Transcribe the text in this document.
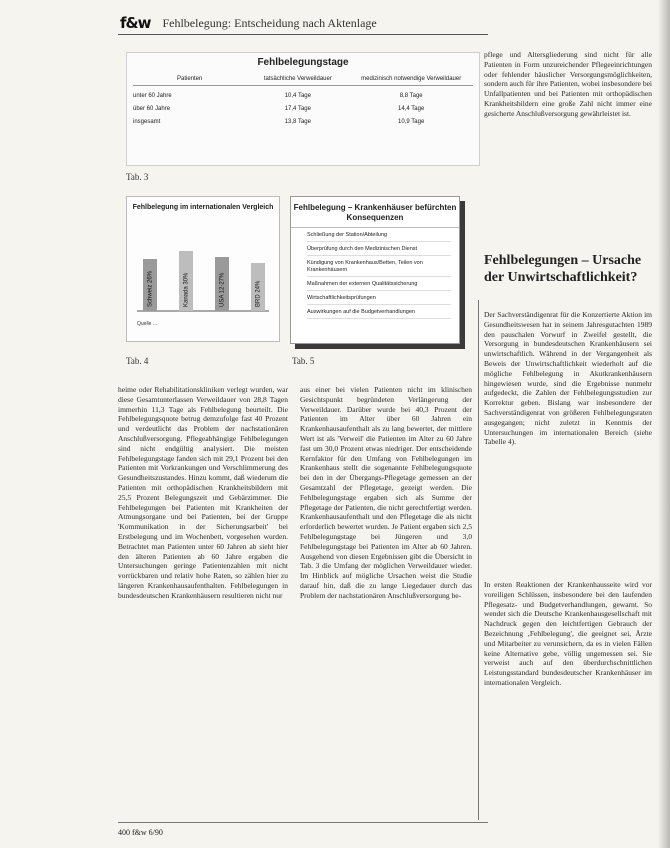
f&w Fehlbelegung: Entscheidung nach Aktenlage
Fehlbelegungstage
Patienten	tatsächliche Verweildauer	medizinisch notwendige Verweildauer
unter 60 Jahre	10,4 Tage	8,8 Tage
über 60 Jahre	17,4 Tage	14,4 Tage
insgesamt	13,8 Tage	10,9 Tage
Tab. 3
Schweiz 26%	Kanada 30%	USA 12-27%	BRD 24%
Quelle ...
Fehlbelegung im internationalen Vergleich
Tab. 4
Fehlbelegung – Krankenhäuser befürchten Konsequenzen
Schließung der Station/Abteilung
Überprüfung durch den Medizinischen Dienst
Kündigung von Krankenhaus/Betten, Teilen von Krankenhäusern
Maßnahmen der externen Qualitätssicherung
Wirtschaftlichkeitsprüfungen
Auswirkungen auf die Budgetverhandlungen
Tab. 5

pflege und Altersgliederung sind nicht für alle Patienten in Form unzureichender Pflegeeinrichtungen oder fehlender häuslicher Versorgungsmöglichkeiten, sondern auch für ihre Patienten, wobei insbesondere bei Unfallpatienten und bei Patienten mit orthopädischen Krankheitsbildern eine große Zahl nicht immer eine gesicherte Anschlußversorgung gewährleistet ist.

Fehlbelegungen – Ursache der Unwirtschaftlichkeit?

Der Sachverständigenrat für die Konzertierte Aktion im Gesundheitswesen hat in seinem Jahresgutachten 1989 den pauschalen Vorwurf in Zweifel gestellt, die Versorgung in bundesdeutschen Krankenhäusern sei unwirtschaftlich. Während in der Vergangenheit als Beweis der Unwirtschaftlichkeit wiederholt auf die mögliche Fehlbelegung in Akutkrankenhäusern hingewiesen wurde, sind die Ergebnisse nunmehr aufgedeckt, die Zahlen der Fehlbelegungsstudien zur Korrektur geben. Bislang war insbesondere der Sachverständigenrat von größeren Fehlbelegungsraten ausgegangen; nicht zuletzt in Kenntnis der Untersuchungen im internationalen Bereich (siehe Tabelle 4).

In ersten Reaktionen der Krankenhausseite wird vor voreiligen Schlüssen, insbesondere bei den laufenden Pflegesatz- und Budgetverhandlungen, gewarnt. So wendet sich die Deutsche Krankenhausgesellschaft mit Nachdruck gegen den leichtfertigen Gebrauch der Bezeichnung ‚Fehlbelegung', die geeignet sei, Ärzte und Mitarbeiter zu verunsichern, da es in vielen Fällen keine Alternative gebe, völlig ungemessen sei. Sie verweist auch auf den überdurchschnittlichen Leistungsstandard bundesdeutscher Krankenhäuser im internationalen Vergleich.

heime oder Rehabilitationskliniken verlegt wurden, war diese Gesamtunterlassen Verweildauer von 28,8 Tagen immerhin 11,3 Tage als Fehlbelegung beurteilt. Die Fehlbelegungsquote betrug demzufolge fast 40 Prozent und verdeutlicht das Problem der nachstationären Anschlußversorgung. Pflegeabhängige Fehlbelegungen sind nicht endgültig analysiert. Die meisten Fehlbelegungstage fanden sich mit 29,1 Prozent bei den Patienten mit Vorkrankungen und Verschlimmerung des Gesundheitszustandes. Hinzu kommt, daß wiederum die Patienten mit orthopädischen Krankheitsbildern mit 25,5 Prozent Belegungszeit und Gebärzimmer. Die Fehlbelegungen bei Patienten mit Krankheiten der Atmungsorgane und bei Patienten, bei der Gruppe 'Kommunikation in der Sicherungsarbeit' bei Erstbelegung und im Wochenbett, vorgesehen wurden. Betrachtet man Patienten unter 60 Jahren ab sieht hier den älteren Patienten ab 60 Jahre ergaben die Untersuchungen geringe Patientenzahlen mit nicht vorrückbaren und relativ hohe Raten, so zählen hier zu längeren Krankenhausaufenthalten. Fehlbelegungen in bundesdeutschen Krankenhäusern resultieren nicht nur

aus einer bei vielen Patienten nicht im klinischen Gesichtspunkt begründeten Verlängerung der Verweildauer. Darüber wurde bei 40,3 Prozent der Patienten im Alter über 60 Jahren ein Krankenhausaufenthalt als zu lang bewertet, der mittlere Wert ist als 'Verweil' die Patienten im Alter zu 60 Jahre fast um 30,0 Prozent etwas niedriger. Der entscheidende Kernfaktor für den Umfang von Fehlbelegungen im Krankenhaus stellt die sogenannte Fehlbelegungsquote bei den in der Übergangs-Pflegetage gemessen an der Gesamtzahl der Pflegetage, gezeigt werden. Die Fehlbelegungstage ergaben sich als Summe der Pflegetage der Patienten, die nicht gerechtfertigt werden. Krankenhausaufenthalt und den Pflegetage die als nicht erforderlich bewertet wurden. Je Patient ergaben sich 2,5 Fehlbelegungstage bei Jüngeren und 3,0 Fehlbelegungstage bei Patienten im Alter ab 60 Jahren. Ausgehend von diesen Ergebnissen gibt die Übersicht in Tab. 3 die Umfang der möglichen Verweildauer wieder. Im Hinblick auf mögliche Ursachen weist die Studie darauf hin, daß die zu lange Liegedauer durch das Problem der nachstationären Anschlußversorgung be-

400 f&w 6/90
